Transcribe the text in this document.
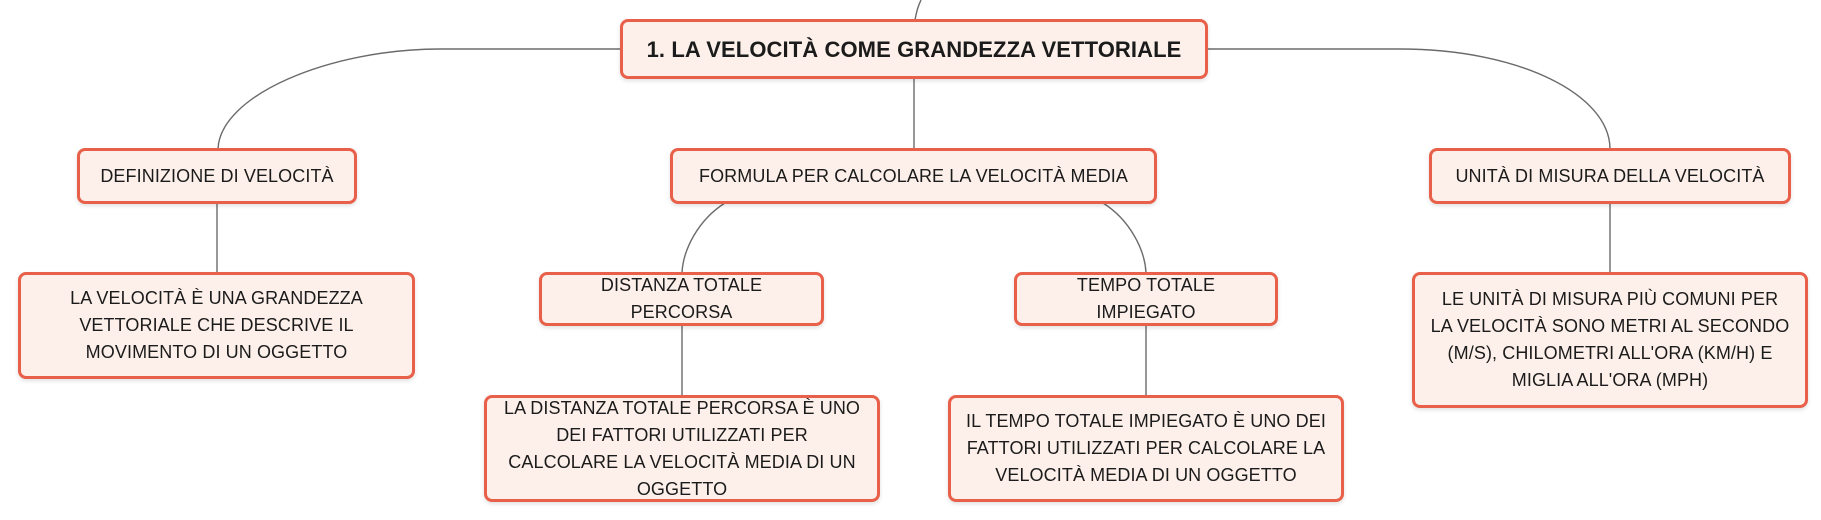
1. LA VELOCITÀ COME GRANDEZZA VETTORIALE
DEFINIZIONE DI VELOCITÀ	FORMULA PER CALCOLARE LA VELOCITÀ MEDIA	UNITÀ DI MISURA DELLA VELOCITÀ
LA VELOCITÀ È UNA GRANDEZZA VETTORIALE CHE DESCRIVE IL MOVIMENTO DI UN OGGETTO
DISTANZA TOTALE PERCORSA
TEMPO TOTALE IMPIEGATO
LE UNITÀ DI MISURA PIÙ COMUNI PER LA VELOCITÀ SONO METRI AL SECONDO (M/S), CHILOMETRI ALL'ORA (KM/H) E MIGLIA ALL'ORA (MPH)
LA DISTANZA TOTALE PERCORSA È UNO DEI FATTORI UTILIZZATI PER CALCOLARE LA VELOCITÀ MEDIA DI UN OGGETTO
IL TEMPO TOTALE IMPIEGATO È UNO DEI FATTORI UTILIZZATI PER CALCOLARE LA VELOCITÀ MEDIA DI UN OGGETTO
